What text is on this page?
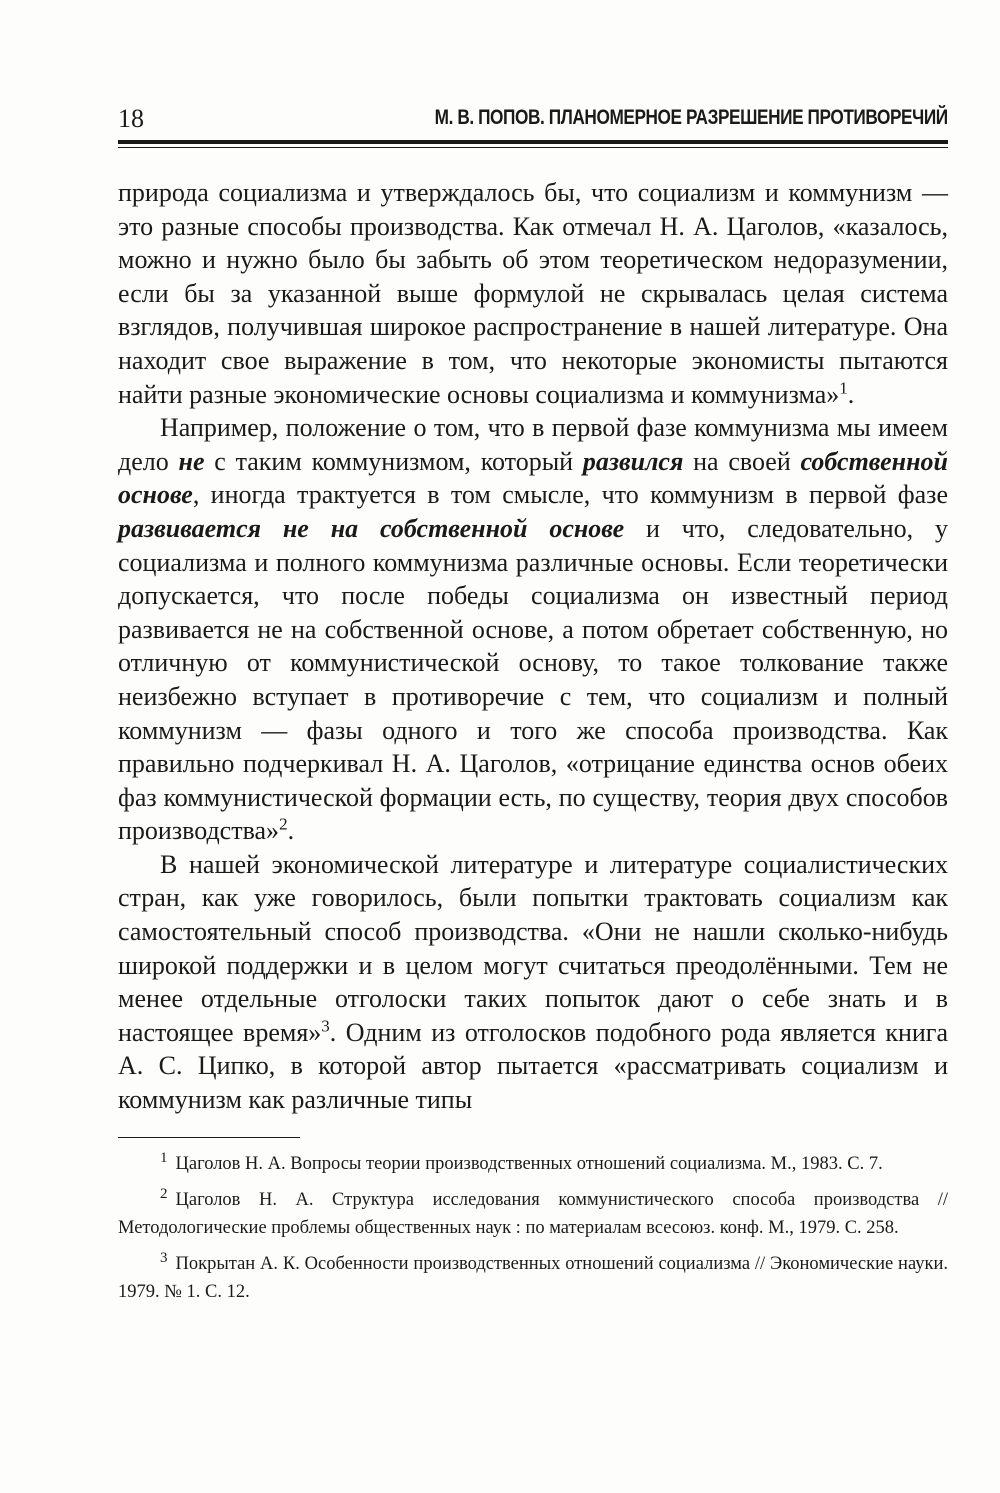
18	М. В. ПОПОВ. ПЛАНОМЕРНОЕ РАЗРЕШЕНИЕ ПРОТИВОРЕЧИЙ

природа социализма и утверждалось бы, что социализм и коммунизм — это разные способы производства. Как отмечал Н. А. Цаголов, «казалось, можно и нужно было бы забыть об этом теоретическом недоразумении, если бы за указанной выше формулой не скрывалась целая система взглядов, получившая широкое распространение в нашей литературе. Она находит свое выражение в том, что некоторые экономисты пытаются найти разные экономические основы социализма и коммунизма»$^1$.

Например, положение о том, что в первой фазе коммунизма мы имеем дело не с таким коммунизмом, который развился на своей собственной основе, иногда трактуется в том смысле, что коммунизм в первой фазе развивается не на собственной основе и что, следовательно, у социализма и полного коммунизма различные основы. Если теоретически допускается, что после победы социализма он известный период развивается не на собственной основе, а потом обретает собственную, но отличную от коммунистической основу, то такое толкование также неизбежно вступает в противоречие с тем, что социализм и полный коммунизм — фазы одного и того же способа производства. Как правильно подчеркивал Н. А. Цаголов, «отрицание единства основ обеих фаз коммунистической формации есть, по существу, теория двух способов производства»$^2$.

В нашей экономической литературе и литературе социалистических стран, как уже говорилось, были попытки трактовать социализм как самостоятельный способ производства. «Они не нашли сколько-нибудь широкой поддержки и в целом могут считаться преодолёнными. Тем не менее отдельные отголоски таких попыток дают о себе знать и в настоящее время»$^3$. Одним из отголосков подобного рода является книга А. С. Ципко, в которой автор пытается «рассматривать социализм и коммунизм как различные типы

$^1$ Цаголов Н. А. Вопросы теории производственных отношений социализма. М., 1983. С. 7.

$^2$ Цаголов Н. А. Структура исследования коммунистического способа производства // Методологические проблемы общественных наук : по материалам всесоюз. конф. М., 1979. С. 258.

$^3$ Покрытан А. К. Особенности производственных отношений социализма // Экономические науки. 1979. № 1. С. 12.
